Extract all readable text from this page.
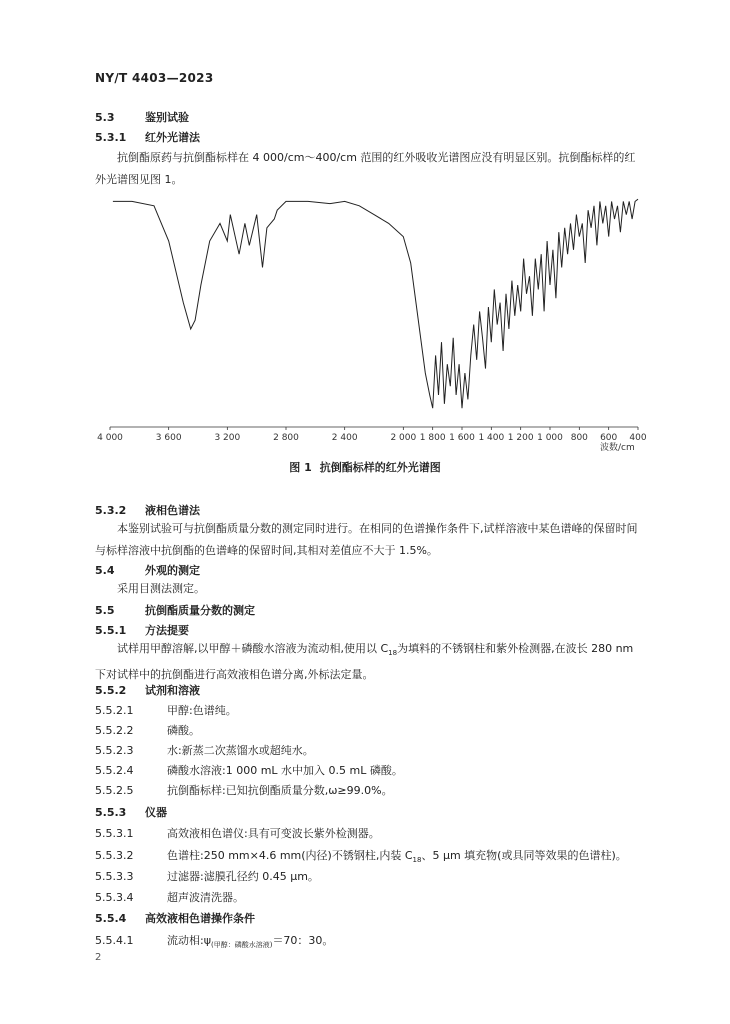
NY/T 4403—2023
5.3	鉴别试验
5.3.1 红外光谱法
抗倒酯原药与抗倒酯标样在 4 000/cm～400/cm 范围的红外吸收光谱图应没有明显区别。抗倒酯标样的红外光谱图见图 1。
4 000	3 600	3 200	2 800	2 400	2 000 1 800 1 600 1 400 1 200 1 000 800 600 400
波数/cm
图 1 抗倒酯标样的红外光谱图
5.3.2 液相色谱法
本鉴别试验可与抗倒酯质量分数的测定同时进行。在相同的色谱操作条件下,试样溶液中某色谱峰的保留时间与标样溶液中抗倒酯的色谱峰的保留时间,其相对差值应不大于 1.5%。
5.4	外观的测定
采用目测法测定。
5.5	抗倒酯质量分数的测定
5.5.1 方法提要
试样用甲醇溶解,以甲醇＋磷酸水溶液为流动相,使用以 $C_{18}$为填料的不锈钢柱和紫外检测器,在波长 280 nm 下对试样中的抗倒酯进行高效液相色谱分离,外标法定量。
5.5.2 试剂和溶液
5.5.2.1	甲醇:色谱纯。
5.5.2.2	磷酸。
5.5.2.3	水:新蒸二次蒸馏水或超纯水。
5.5.2.4	磷酸水溶液:1 000 mL 水中加入 0.5 mL 磷酸。
5.5.2.5	抗倒酯标样:已知抗倒酯质量分数,ω≥99.0%。
5.5.3 仪器
5.5.3.1	高效液相色谱仪:具有可变波长紫外检测器。
5.5.3.2	色谱柱:250 mm×4.6 mm(内径)不锈钢柱,内装 $C_{18}$、5 μm 填充物(或具同等效果的色谱柱)。
5.5.3.3	过滤器:滤膜孔径约 0.45 μm。
5.5.3.4	超声波清洗器。
5.5.4 高效液相色谱操作条件
5.5.4.1	流动相$:\psi_{(甲醇:磷酸水溶液)}=70$：30。
2
